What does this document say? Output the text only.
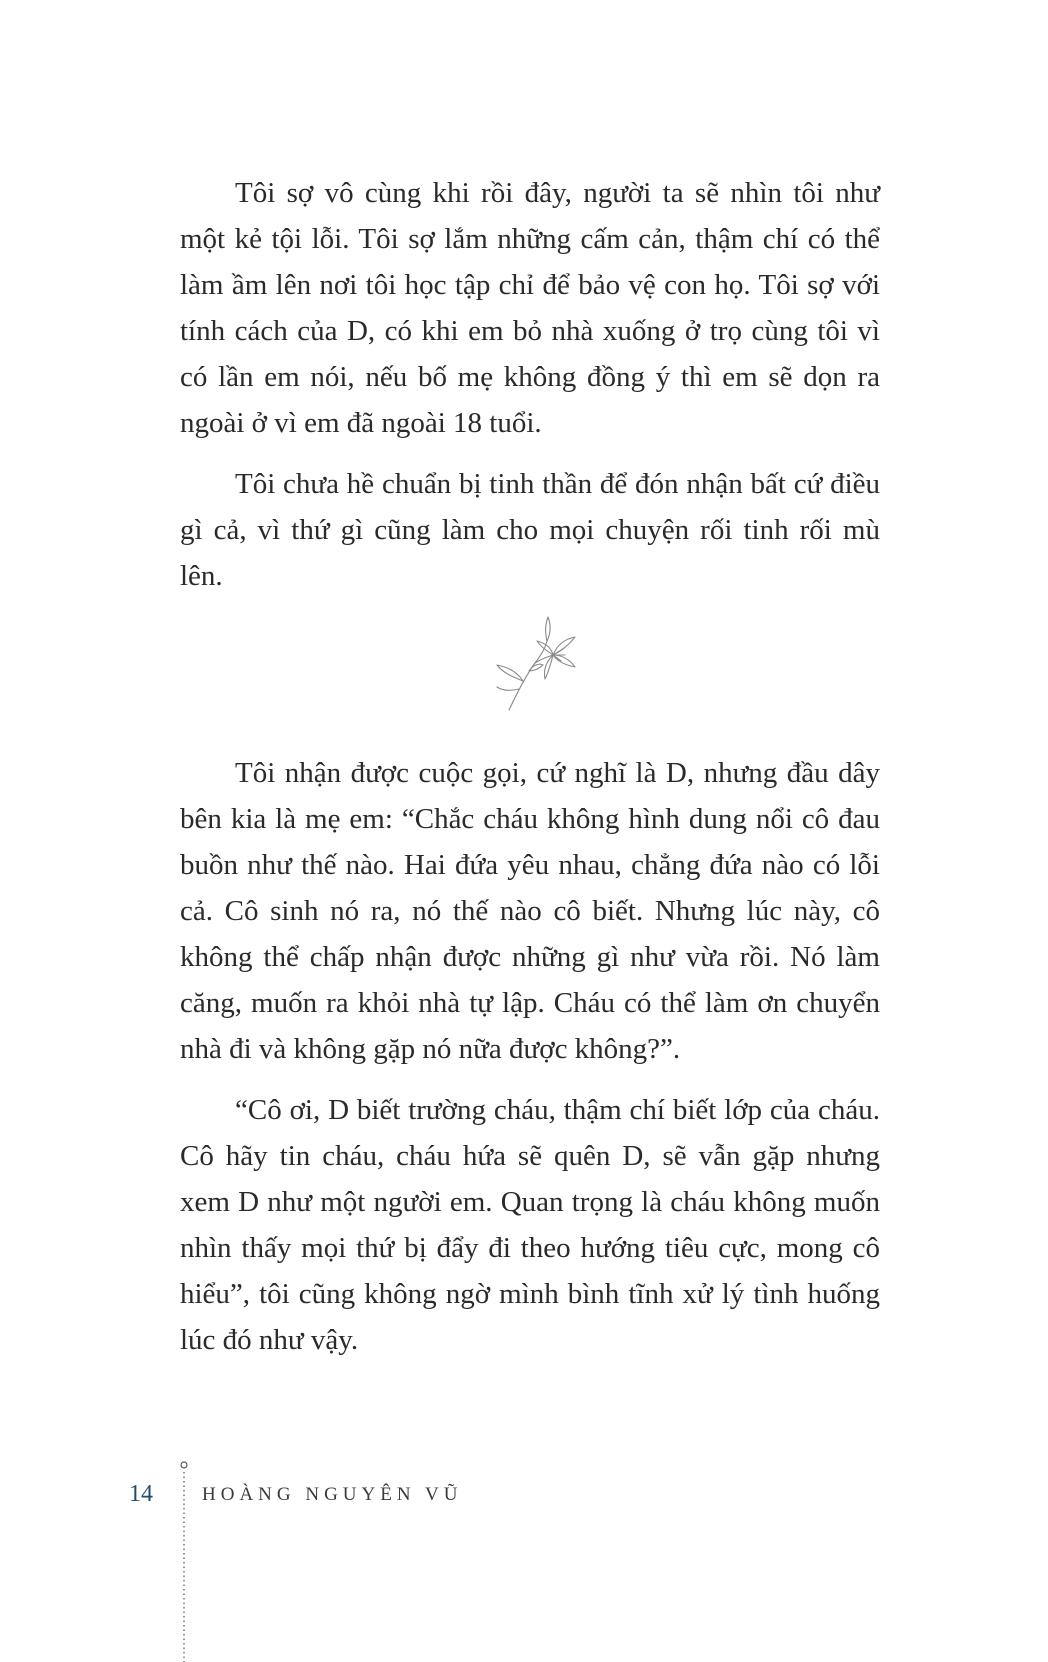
Tôi sợ vô cùng khi rồi đây, người ta sẽ nhìn tôi như một kẻ tội lỗi. Tôi sợ lắm những cấm cản, thậm chí có thể làm ầm lên nơi tôi học tập chỉ để bảo vệ con họ. Tôi sợ với tính cách của D, có khi em bỏ nhà xuống ở trọ cùng tôi vì có lần em nói, nếu bố mẹ không đồng ý thì em sẽ dọn ra ngoài ở vì em đã ngoài 18 tuổi.

Tôi chưa hề chuẩn bị tinh thần để đón nhận bất cứ điều gì cả, vì thứ gì cũng làm cho mọi chuyện rối tinh rối mù lên.

Tôi nhận được cuộc gọi, cứ nghĩ là D, nhưng đầu dây bên kia là mẹ em: “Chắc cháu không hình dung nổi cô đau buồn như thế nào. Hai đứa yêu nhau, chẳng đứa nào có lỗi cả. Cô sinh nó ra, nó thế nào cô biết. Nhưng lúc này, cô không thể chấp nhận được những gì như vừa rồi. Nó làm căng, muốn ra khỏi nhà tự lập. Cháu có thể làm ơn chuyển nhà đi và không gặp nó nữa được không?”.

“Cô ơi, D biết trường cháu, thậm chí biết lớp của cháu. Cô hãy tin cháu, cháu hứa sẽ quên D, sẽ vẫn gặp nhưng xem D như một người em. Quan trọng là cháu không muốn nhìn thấy mọi thứ bị đẩy đi theo hướng tiêu cực, mong cô hiểu”, tôi cũng không ngờ mình bình tĩnh xử lý tình huống lúc đó như vậy.

14	HOÀNG NGUYÊN VŨ
